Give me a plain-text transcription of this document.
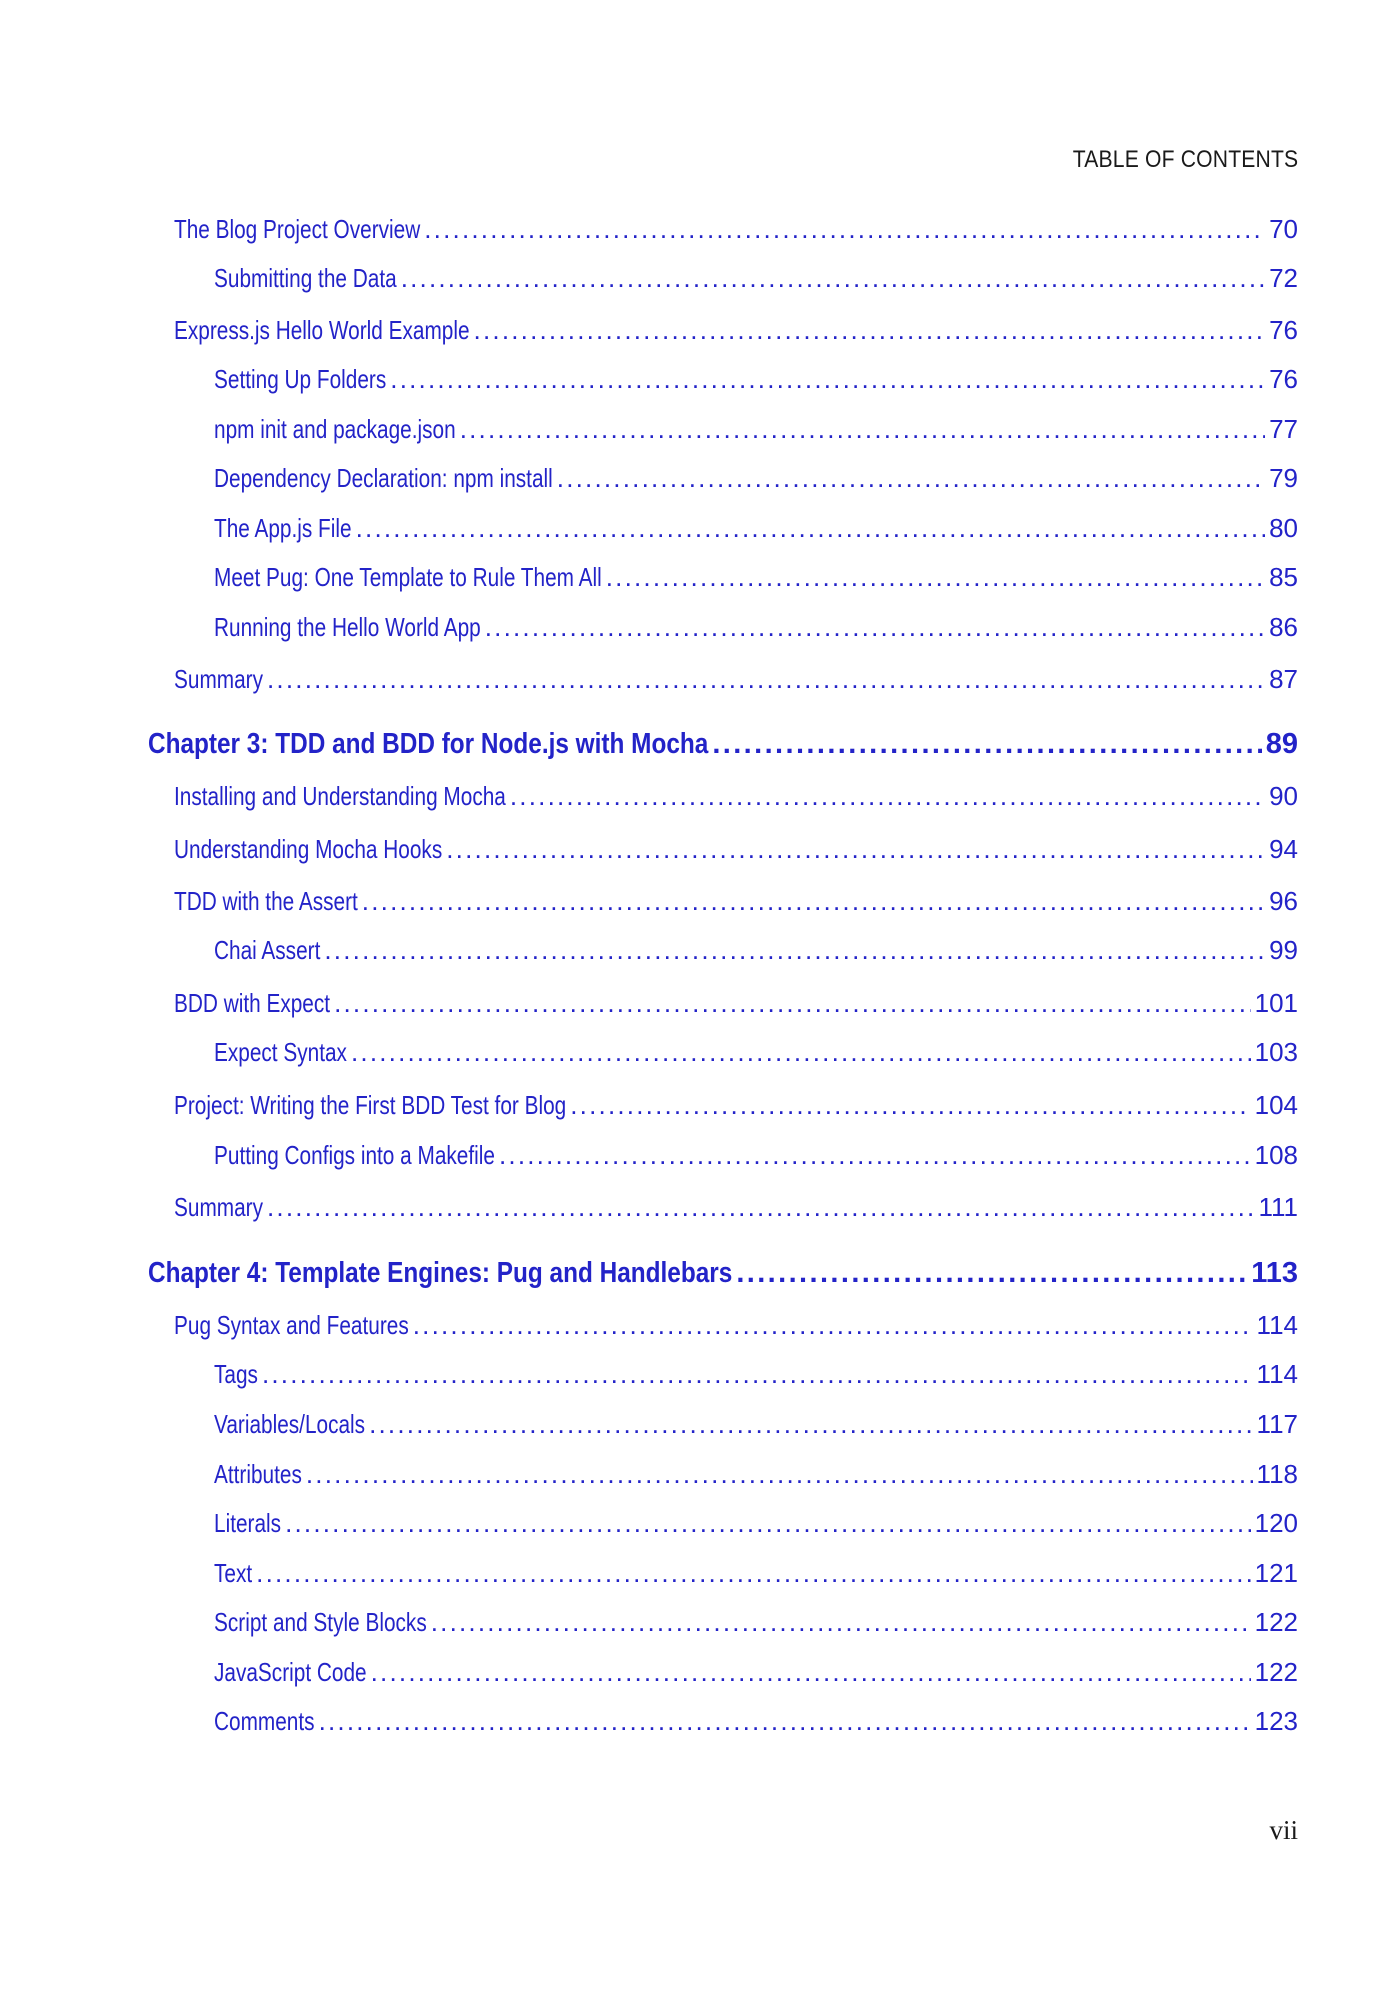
TABLE OF CONTENTS
The Blog Project Overview .....	70
Submitting the Data .....	72
Express.js Hello World Example .....	76
Setting Up Folders .....	76
npm init and package.json .....	77
Dependency Declaration: npm install .....	79
The App.js File .....	80
Meet Pug: One Template to Rule Them All .....	85
Running the Hello World App .....	86
Summary .....	87
Chapter 3: TDD and BDD for Node.js with Mocha .....	89
Installing and Understanding Mocha .....	90
Understanding Mocha Hooks .....	94
TDD with the Assert .....	96
Chai Assert .....	99
BDD with Expect .....	101
Expect Syntax .....	103
Project: Writing the First BDD Test for Blog .....	104
Putting Configs into a Makefile .....	108
Summary .....	111
Chapter 4: Template Engines: Pug and Handlebars .....	113
Pug Syntax and Features .....	114
Tags .....	114
Variables/Locals .....	117
Attributes .....	118
Literals .....	120
Text .....	121
Script and Style Blocks .....	122
JavaScript Code .....	122
Comments .....	123
vii
